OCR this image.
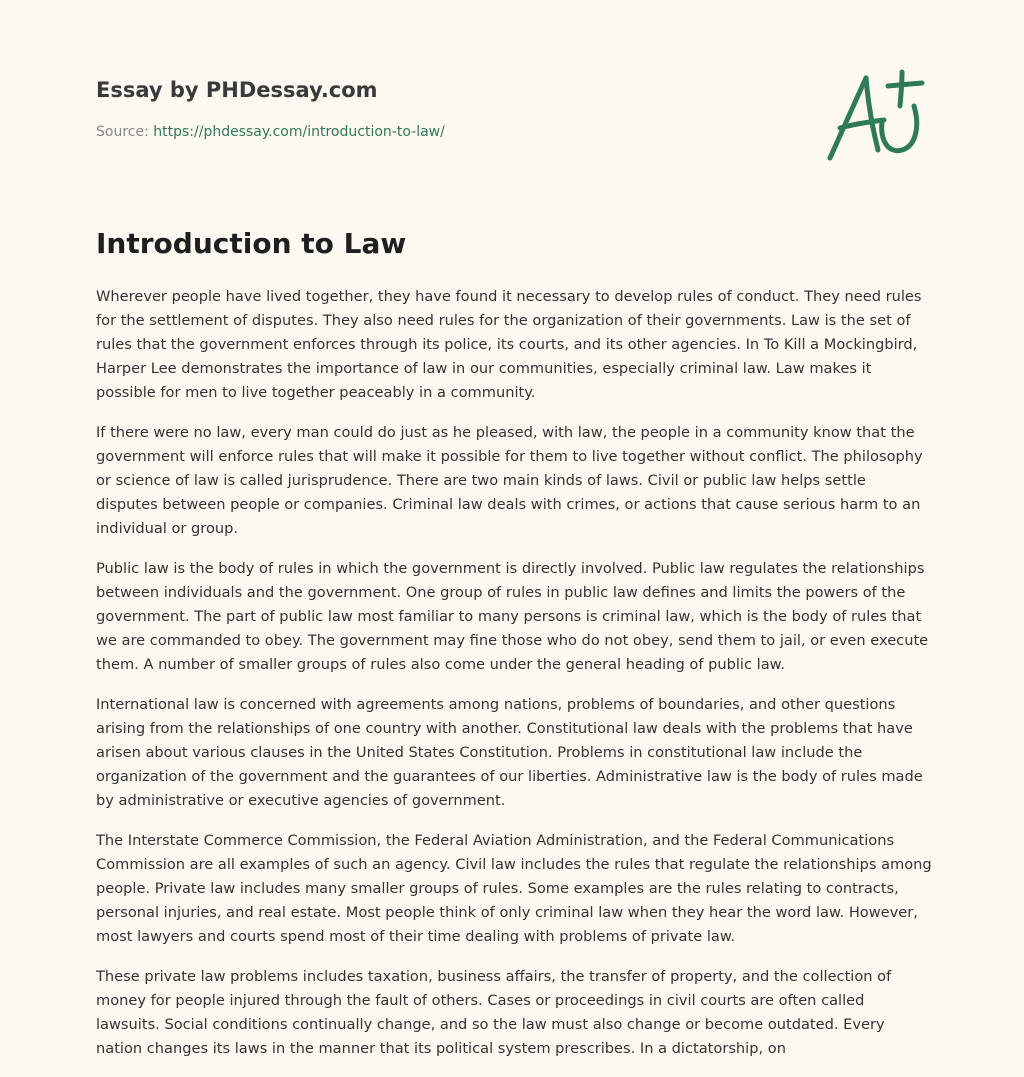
Essay by PHDessay.com
Source: https://phdessay.com/introduction-to-law/
Introduction to Law

Wherever people have lived together, they have found it necessary to develop rules of conduct. They need rules for the settlement of disputes. They also need rules for the organization of their governments. Law is the set of rules that the government enforces through its police, its courts, and its other agencies. In To Kill a Mockingbird, Harper Lee demonstrates the importance of law in our communities, especially criminal law. Law makes it possible for men to live together peaceably in a community.

If there were no law, every man could do just as he pleased, with law, the people in a community know that the government will enforce rules that will make it possible for them to live together without conflict. The philosophy or science of law is called jurisprudence. There are two main kinds of laws. Civil or public law helps settle disputes between people or companies. Criminal law deals with crimes, or actions that cause serious harm to an individual or group.

Public law is the body of rules in which the government is directly involved. Public law regulates the relationships between individuals and the government. One group of rules in public law defines and limits the powers of the government. The part of public law most familiar to many persons is criminal law, which is the body of rules that we are commanded to obey. The government may fine those who do not obey, send them to jail, or even execute them. A number of smaller groups of rules also come under the general heading of public law.

International law is concerned with agreements among nations, problems of boundaries, and other questions arising from the relationships of one country with another. Constitutional law deals with the problems that have arisen about various clauses in the United States Constitution. Problems in constitutional law include the organization of the government and the guarantees of our liberties. Administrative law is the body of rules made by administrative or executive agencies of government.

The Interstate Commerce Commission, the Federal Aviation Administration, and the Federal Communications Commission are all examples of such an agency. Civil law includes the rules that regulate the relationships among people. Private law includes many smaller groups of rules. Some examples are the rules relating to contracts, personal injuries, and real estate. Most people think of only criminal law when they hear the word law. However, most lawyers and courts spend most of their time dealing with problems of private law.

These private law problems includes taxation, business affairs, the transfer of property, and the collection of money for people injured through the fault of others. Cases or proceedings in civil courts are often called lawsuits. Social conditions continually change, and so the law must also change or become outdated. Every nation changes its laws in the manner that its political system prescribes. In a dictatorship, on
